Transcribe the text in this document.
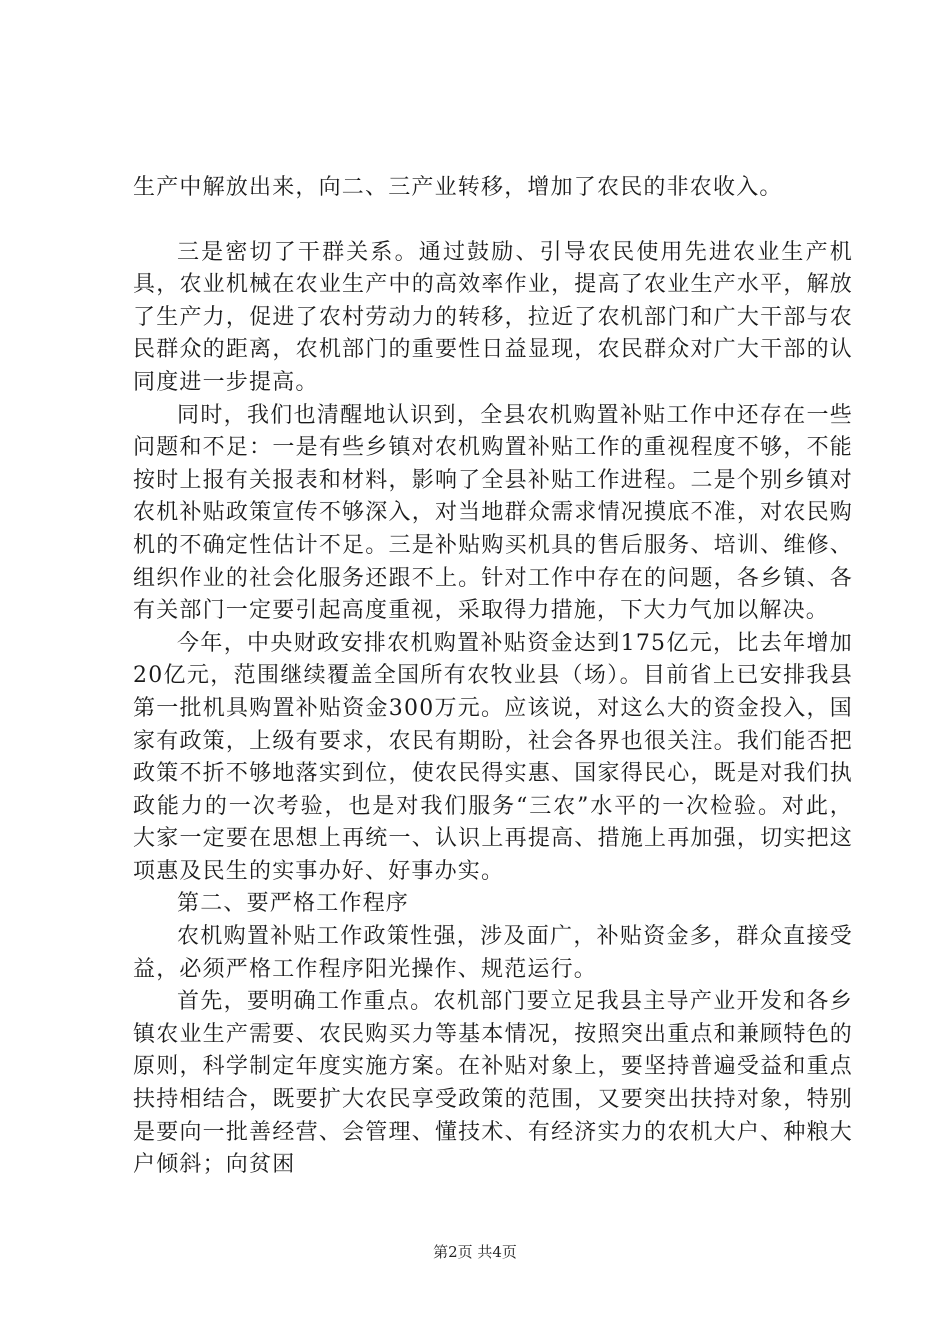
生产中解放出来，向二、三产业转移，增加了农民的非农收入。

三是密切了干群关系。通过鼓励、引导农民使用先进农业生产机具，农业机械在农业生产中的高效率作业，提高了农业生产水平，解放了生产力，促进了农村劳动力的转移，拉近了农机部门和广大干部与农民群众的距离，农机部门的重要性日益显现，农民群众对广大干部的认同度进一步提高。

同时，我们也清醒地认识到，全县农机购置补贴工作中还存在一些问题和不足：一是有些乡镇对农机购置补贴工作的重视程度不够，不能按时上报有关报表和材料，影响了全县补贴工作进程。二是个别乡镇对农机补贴政策宣传不够深入，对当地群众需求情况摸底不准，对农民购机的不确定性估计不足。三是补贴购买机具的售后服务、培训、维修、组织作业的社会化服务还跟不上。针对工作中存在的问题，各乡镇、各有关部门一定要引起高度重视，采取得力措施，下大力气加以解决。

今年，中央财政安排农机购置补贴资金达到175亿元，比去年增加20亿元，范围继续覆盖全国所有农牧业县（场）。目前省上已安排我县第一批机具购置补贴资金300万元。应该说，对这么大的资金投入，国家有政策，上级有要求，农民有期盼，社会各界也很关注。我们能否把政策不折不够地落实到位，使农民得实惠、国家得民心，既是对我们执政能力的一次考验，也是对我们服务“三农”水平的一次检验。对此，大家一定要在思想上再统一、认识上再提高、措施上再加强，切实把这项惠及民生的实事办好、好事办实。

第二、要严格工作程序

农机购置补贴工作政策性强，涉及面广，补贴资金多，群众直接受益，必须严格工作程序阳光操作、规范运行。

首先，要明确工作重点。农机部门要立足我县主导产业开发和各乡镇农业生产需要、农民购买力等基本情况，按照突出重点和兼顾特色的原则，科学制定年度实施方案。在补贴对象上，要坚持普遍受益和重点扶持相结合，既要扩大农民享受政策的范围，又要突出扶持对象，特别是要向一批善经营、会管理、懂技术、有经济实力的农机大户、种粮大户倾斜；向贫困

第2页 共4页
